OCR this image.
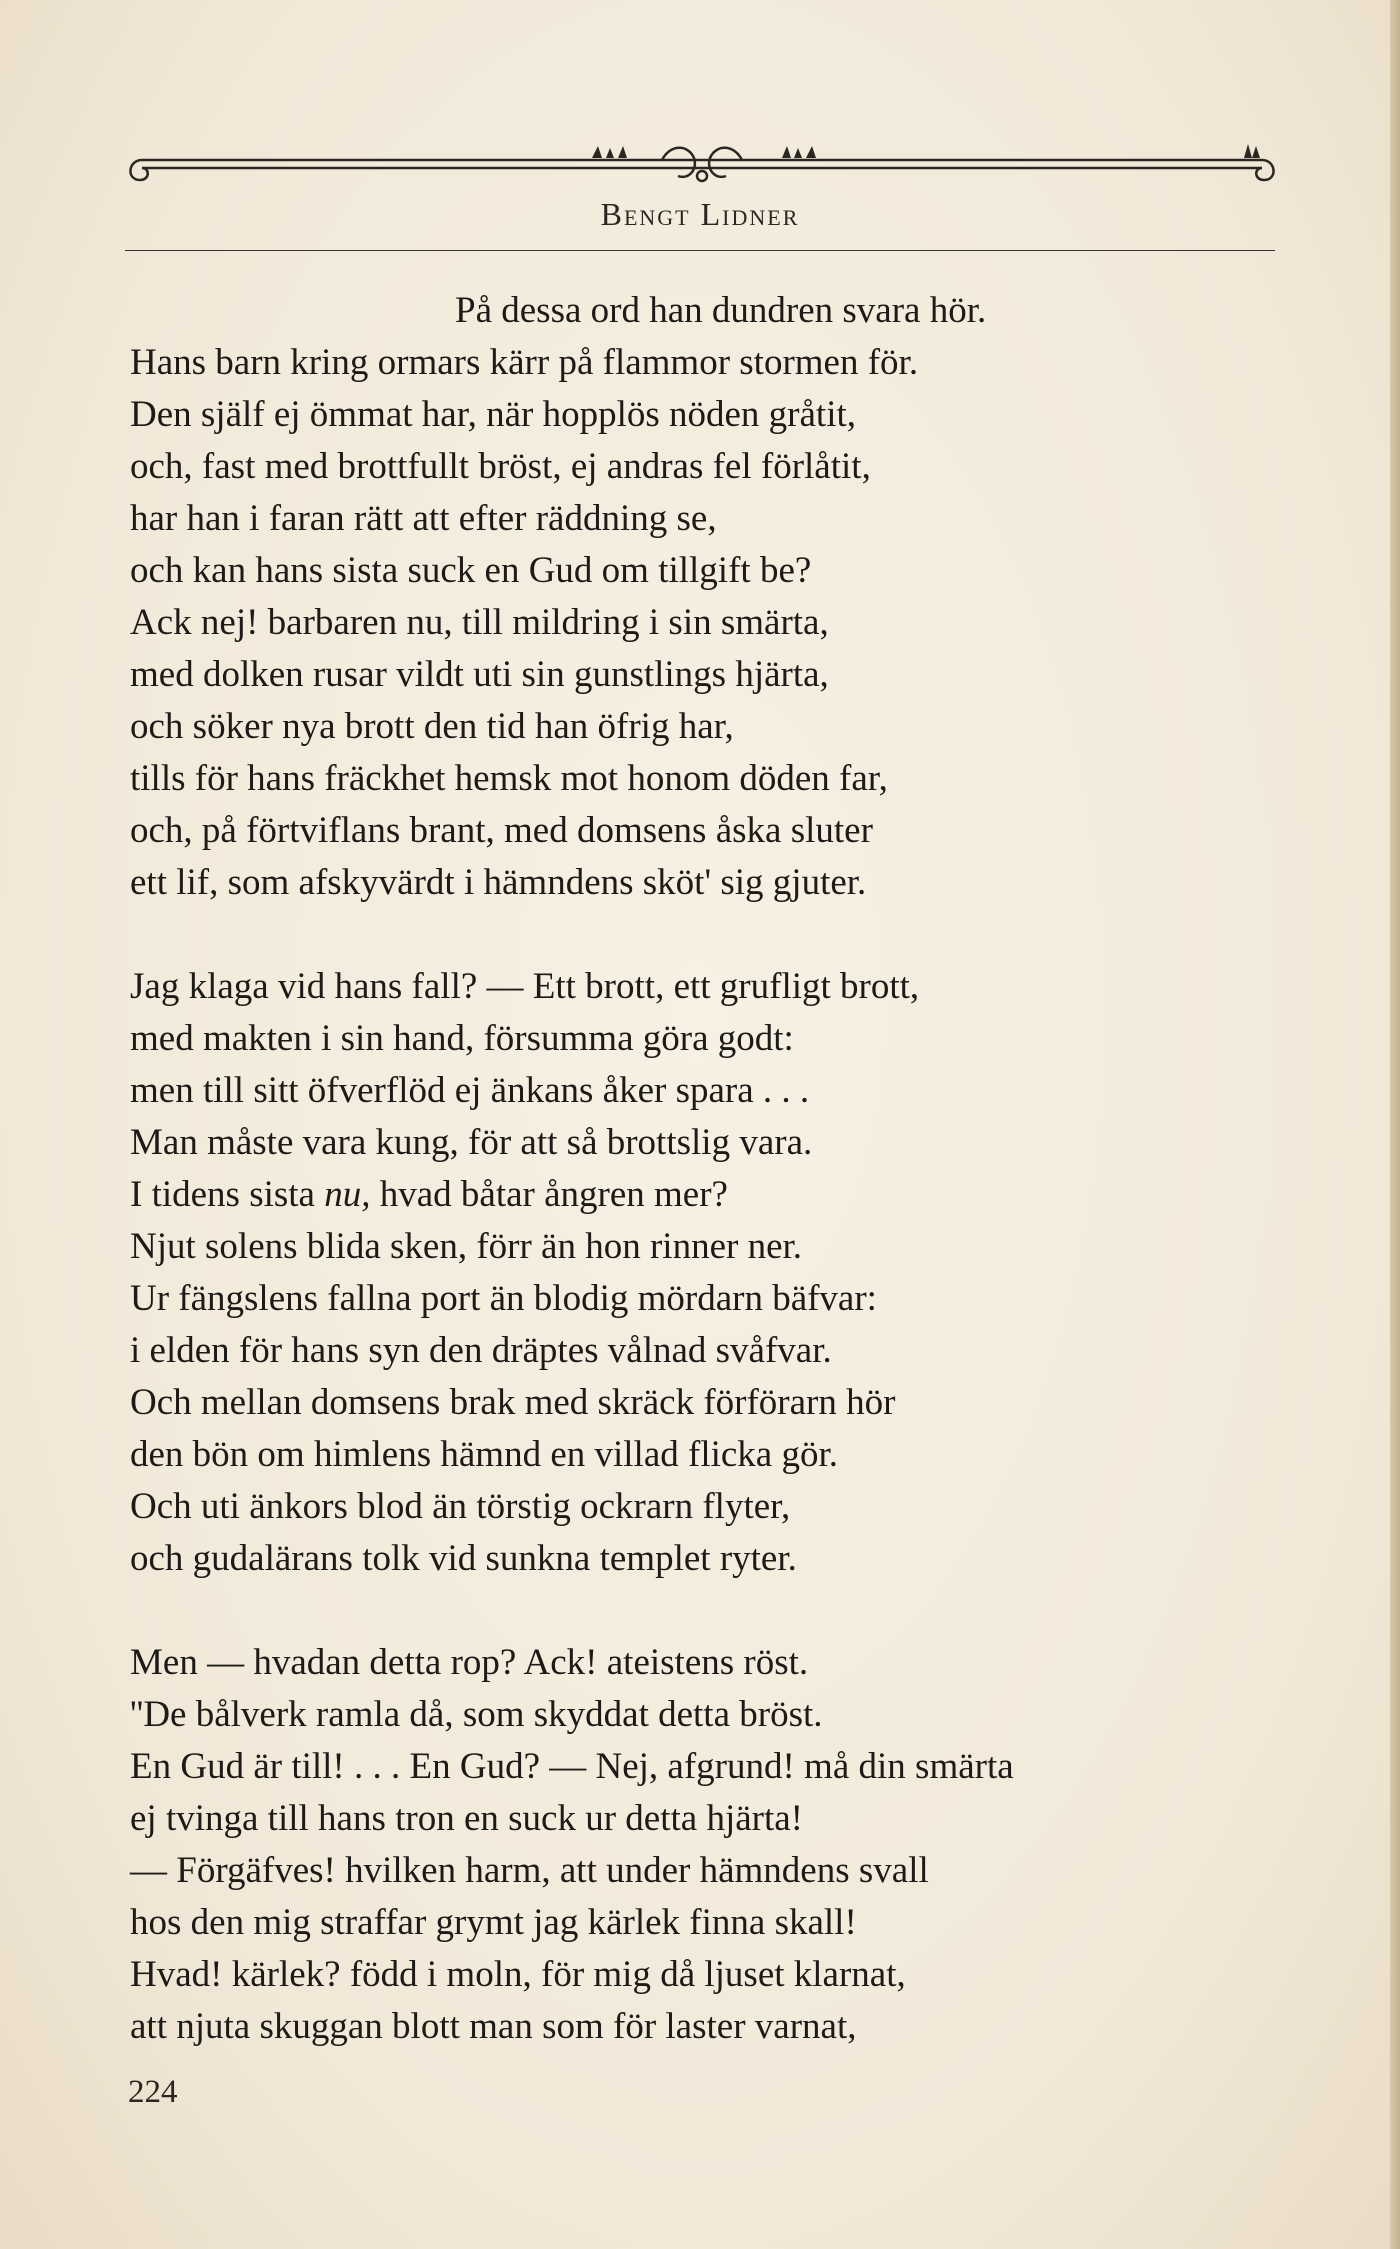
Bengt Lidner
På dessa ord han dundren svara hör.
Hans barn kring ormars kärr på flammor stormen för.
Den själf ej ömmat har, när hopplös nöden gråtit,
och, fast med brottfullt bröst, ej andras fel förlåtit,
har han i faran rätt att efter räddning se,
och kan hans sista suck en Gud om tillgift be?
Ack nej! barbaren nu, till mildring i sin smärta,
med dolken rusar vildt uti sin gunstlings hjärta,
och söker nya brott den tid han öfrig har,
tills för hans fräckhet hemsk mot honom döden far,
och, på förtviflans brant, med domsens åska sluter
ett lif, som afskyvärdt i hämndens sköt' sig gjuter.
Jag klaga vid hans fall? — Ett brott, ett grufligt brott,
med makten i sin hand, försumma göra godt:
men till sitt öfverflöd ej änkans åker spara . . .
Man måste vara kung, för att så brottslig vara.
I tidens sista nu, hvad båtar ångren mer?
Njut solens blida sken, förr än hon rinner ner.
Ur fängslens fallna port än blodig mördarn bäfvar:
i elden för hans syn den dräptes vålnad svåfvar.
Och mellan domsens brak med skräck förförarn hör
den bön om himlens hämnd en villad flicka gör.
Och uti änkors blod än törstig ockrarn flyter,
och gudalärans tolk vid sunkna templet ryter.
Men — hvadan detta rop? Ack! ateistens röst.
''De bålverk ramla då, som skyddat detta bröst.
En Gud är till! . . . En Gud? — Nej, afgrund! må din smärta
ej tvinga till hans tron en suck ur detta hjärta!
— Förgäfves! hvilken harm, att under hämndens svall
hos den mig straffar grymt jag kärlek finna skall!
Hvad! kärlek? född i moln, för mig då ljuset klarnat,
att njuta skuggan blott man som för laster varnat,
224
